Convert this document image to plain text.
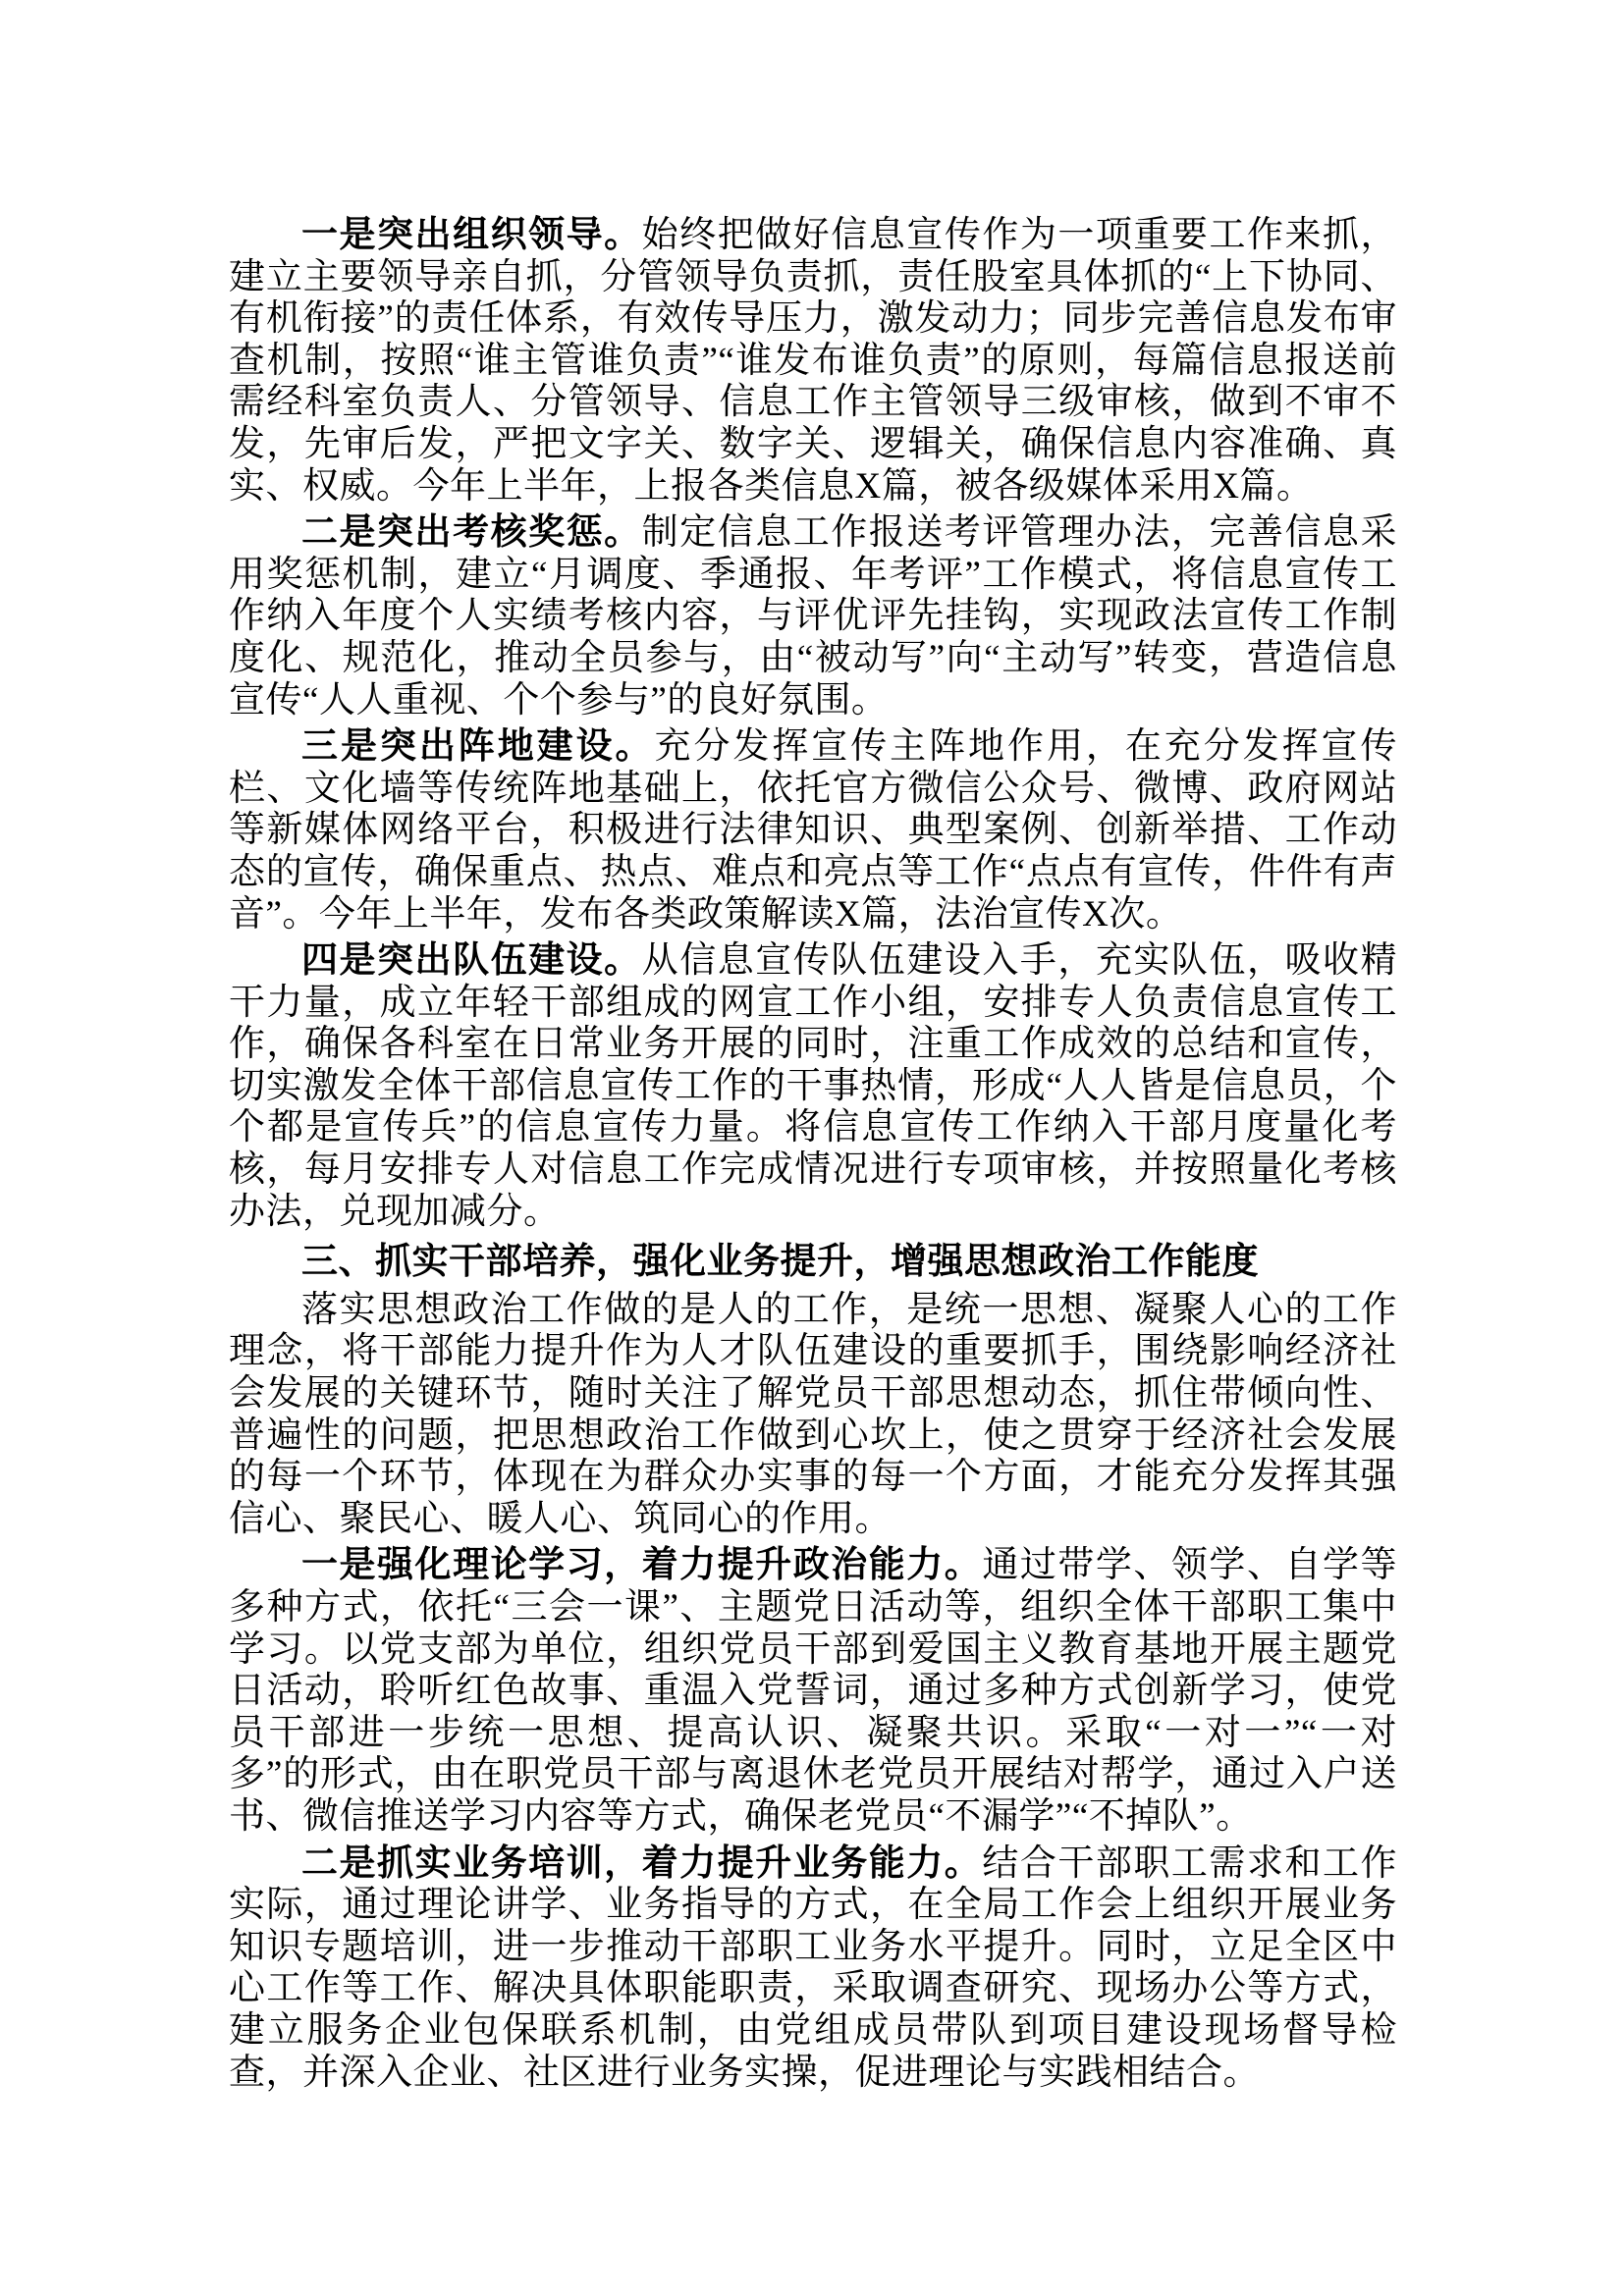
一是突出组织领导。始终把做好信息宣传作为一项重要工作来抓，建立主要领导亲自抓，分管领导负责抓，责任股室具体抓的“上下协同、有机衔接”的责任体系，有效传导压力，激发动力；同步完善信息发布审查机制，按照“谁主管谁负责”“谁发布谁负责”的原则，每篇信息报送前需经科室负责人、分管领导、信息工作主管领导三级审核，做到不审不发，先审后发，严把文字关、数字关、逻辑关，确保信息内容准确、真实、权威。今年上半年，上报各类信息X篇，被各级媒体采用X篇。

二是突出考核奖惩。制定信息工作报送考评管理办法，完善信息采用奖惩机制，建立“月调度、季通报、年考评”工作模式，将信息宣传工作纳入年度个人实绩考核内容，与评优评先挂钩，实现政法宣传工作制度化、规范化，推动全员参与，由“被动写”向“主动写”转变，营造信息宣传“人人重视、个个参与”的良好氛围。

三是突出阵地建设。充分发挥宣传主阵地作用，在充分发挥宣传栏、文化墙等传统阵地基础上，依托官方微信公众号、微博、政府网站等新媒体网络平台，积极进行法律知识、典型案例、创新举措、工作动态的宣传，确保重点、热点、难点和亮点等工作“点点有宣传，件件有声音”。今年上半年，发布各类政策解读X篇，法治宣传X次。

四是突出队伍建设。从信息宣传队伍建设入手，充实队伍，吸收精干力量，成立年轻干部组成的网宣工作小组，安排专人负责信息宣传工作，确保各科室在日常业务开展的同时，注重工作成效的总结和宣传，切实激发全体干部信息宣传工作的干事热情，形成“人人皆是信息员，个个都是宣传兵”的信息宣传力量。将信息宣传工作纳入干部月度量化考核，每月安排专人对信息工作完成情况进行专项审核，并按照量化考核办法，兑现加减分。

三、抓实干部培养，强化业务提升，增强思想政治工作能度

落实思想政治工作做的是人的工作，是统一思想、凝聚人心的工作理念，将干部能力提升作为人才队伍建设的重要抓手，围绕影响经济社会发展的关键环节，随时关注了解党员干部思想动态，抓住带倾向性、普遍性的问题，把思想政治工作做到心坎上，使之贯穿于经济社会发展的每一个环节，体现在为群众办实事的每一个方面，才能充分发挥其强信心、聚民心、暖人心、筑同心的作用。

一是强化理论学习，着力提升政治能力。通过带学、领学、自学等多种方式，依托“三会一课”、主题党日活动等，组织全体干部职工集中学习。以党支部为单位，组织党员干部到爱国主义教育基地开展主题党日活动，聆听红色故事、重温入党誓词，通过多种方式创新学习，使党员干部进一步统一思想、提高认识、凝聚共识。采取“一对一”“一对多”的形式，由在职党员干部与离退休老党员开展结对帮学，通过入户送书、微信推送学习内容等方式，确保老党员“不漏学”“不掉队”。

二是抓实业务培训，着力提升业务能力。结合干部职工需求和工作实际，通过理论讲学、业务指导的方式，在全局工作会上组织开展业务知识专题培训，进一步推动干部职工业务水平提升。同时，立足全区中心工作等工作、解决具体职能职责，采取调查研究、现场办公等方式，建立服务企业包保联系机制，由党组成员带队到项目建设现场督导检查，并深入企业、社区进行业务实操，促进理论与实践相结合。
